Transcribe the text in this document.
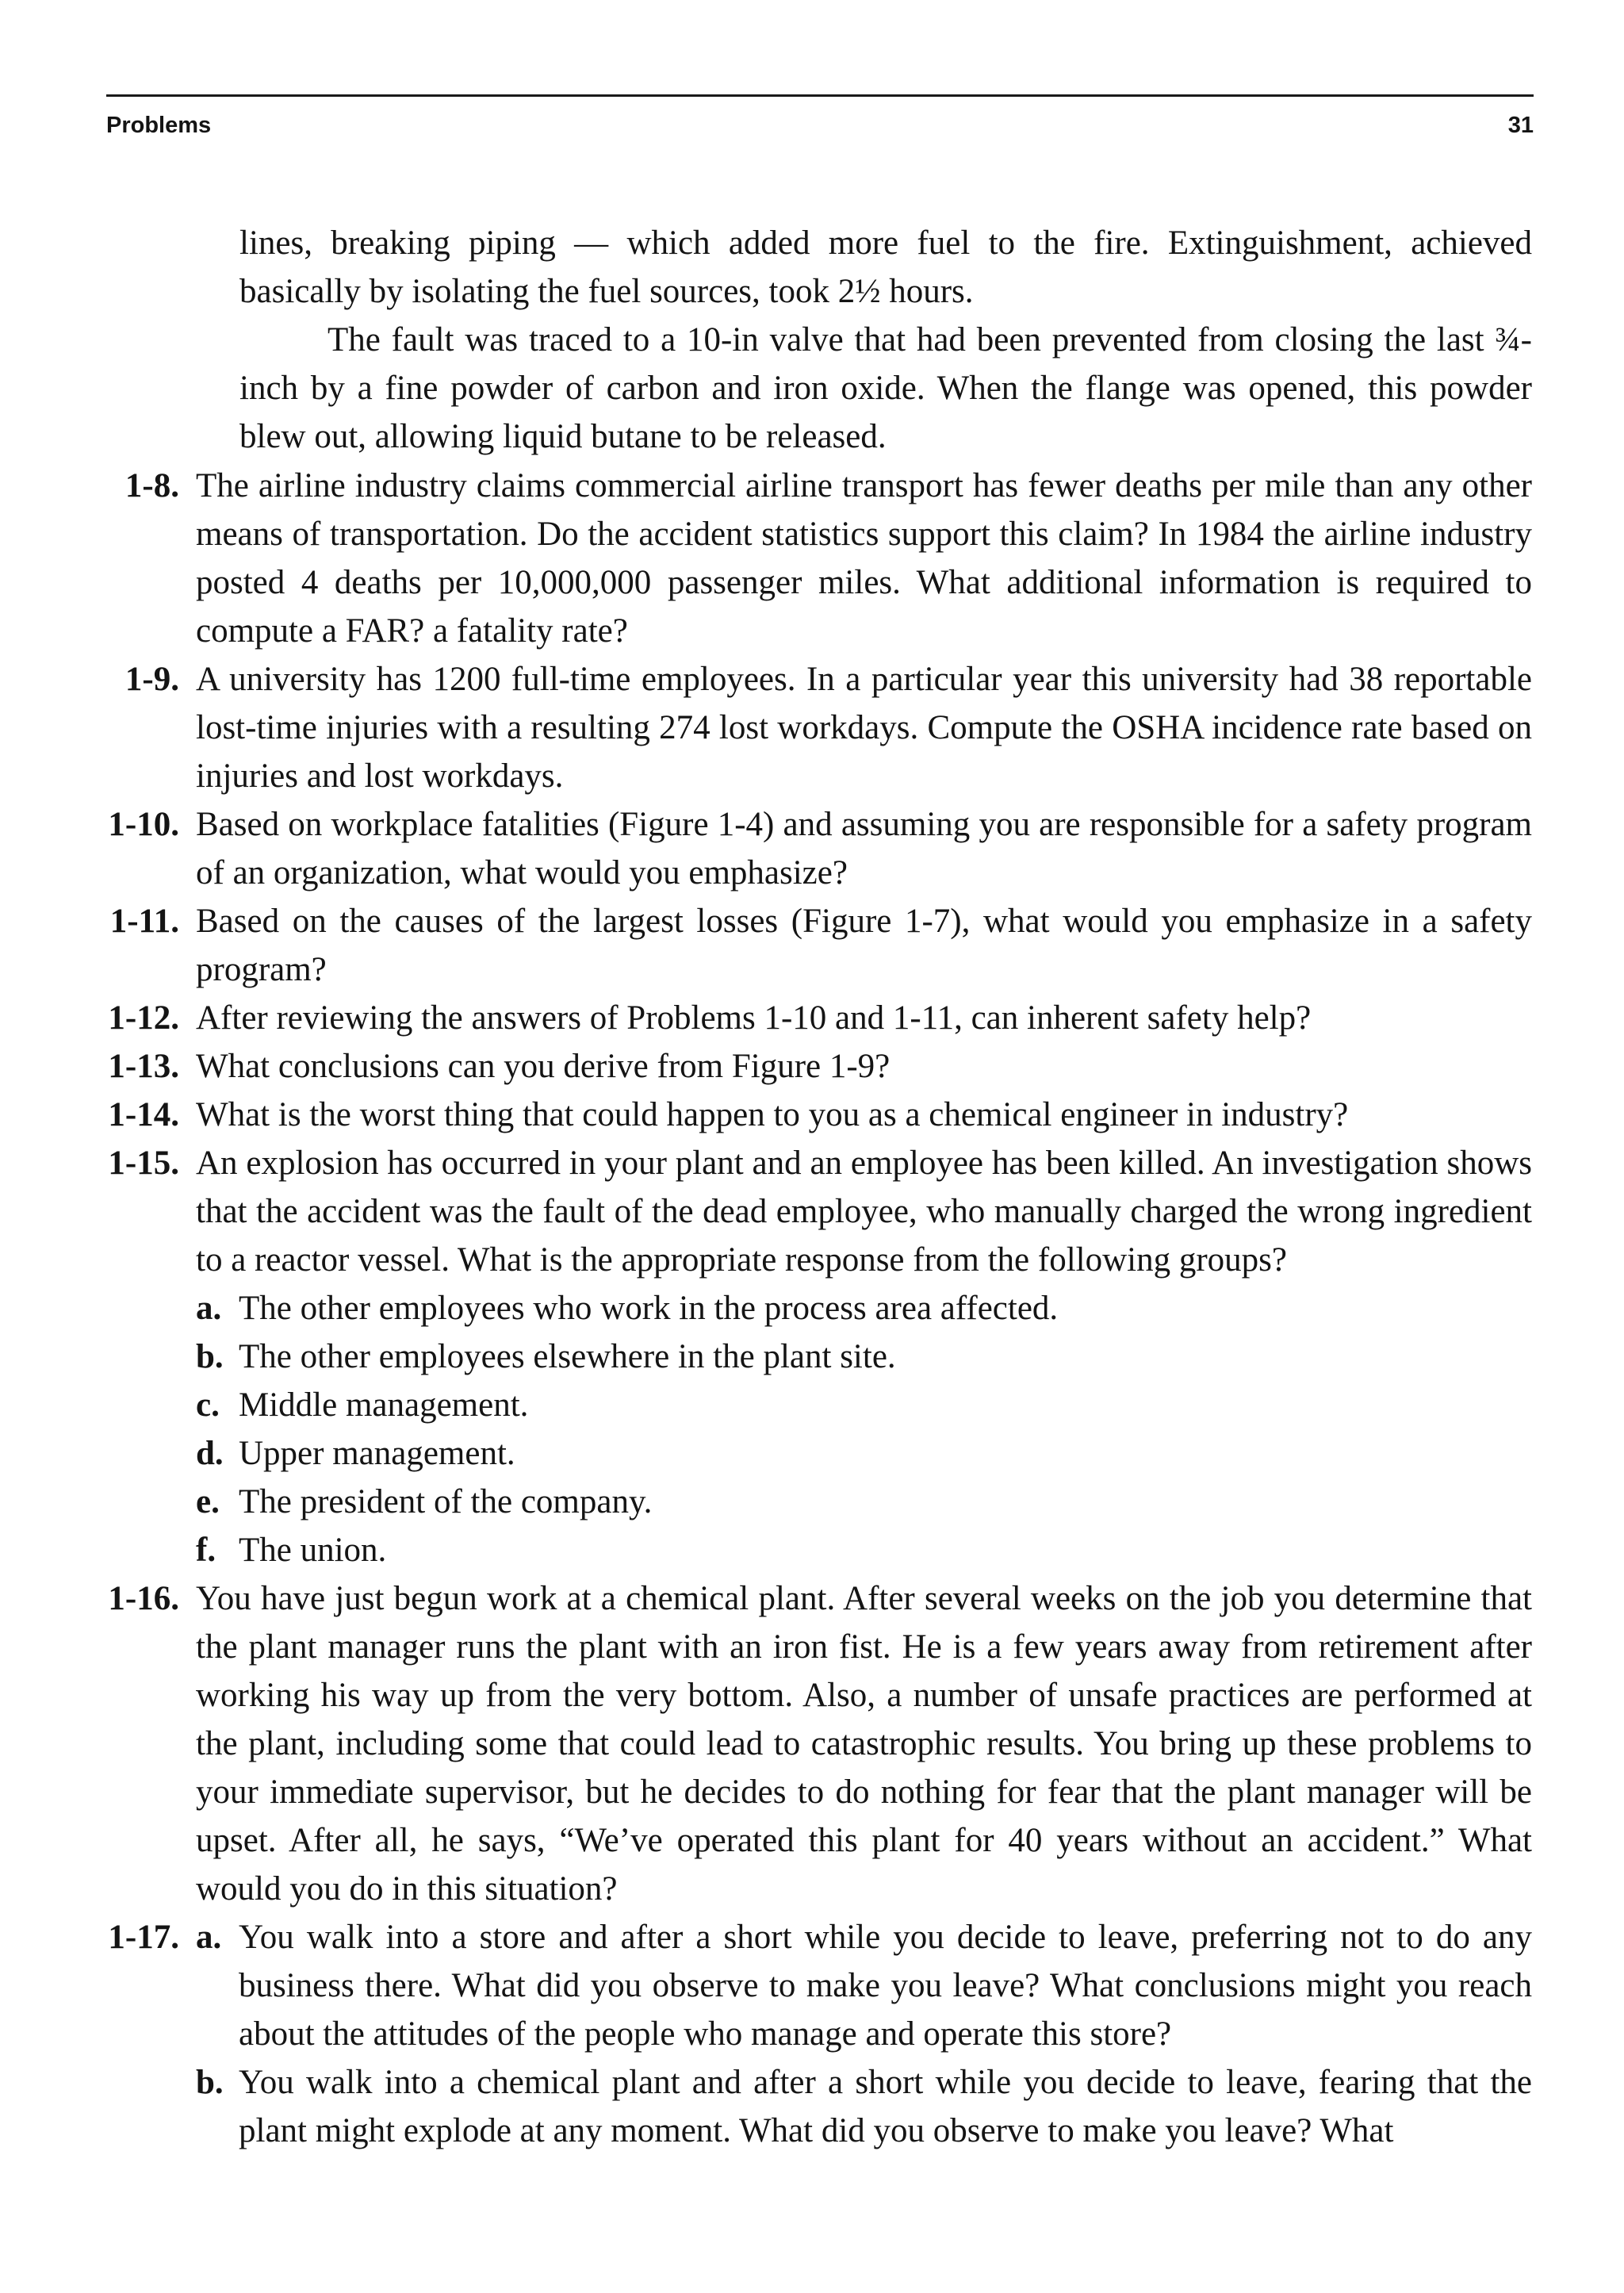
Problems	31

lines, breaking piping — which added more fuel to the fire. Extinguishment, achieved basically by isolating the fuel sources, took 2½ hours.

The fault was traced to a 10-in valve that had been prevented from closing the last ¾-inch by a fine powder of carbon and iron oxide. When the flange was opened, this powder blew out, allowing liquid butane to be released.

1-8. The airline industry claims commercial airline transport has fewer deaths per mile than any other means of transportation. Do the accident statistics support this claim? In 1984 the airline industry posted 4 deaths per 10,000,000 passenger miles. What additional information is required to compute a FAR? a fatality rate?
1-9. A university has 1200 full-time employees. In a particular year this university had 38 reportable lost-time injuries with a resulting 274 lost workdays. Compute the OSHA incidence rate based on injuries and lost workdays.
1-10. Based on workplace fatalities (Figure 1-4) and assuming you are responsible for a safety program of an organization, what would you emphasize?
1-11. Based on the causes of the largest losses (Figure 1-7), what would you emphasize in a safety program?
1-12. After reviewing the answers of Problems 1-10 and 1-11, can inherent safety help?
1-13. What conclusions can you derive from Figure 1-9?
1-14. What is the worst thing that could happen to you as a chemical engineer in industry?
1-15. An explosion has occurred in your plant and an employee has been killed. An investigation shows that the accident was the fault of the dead employee, who manually charged the wrong ingredient to a reactor vessel. What is the appropriate response from the following groups?
a. The other employees who work in the process area affected.
b. The other employees elsewhere in the plant site.
c. Middle management.
d. Upper management.
e. The president of the company.
f. The union.
1-16. You have just begun work at a chemical plant. After several weeks on the job you determine that the plant manager runs the plant with an iron fist. He is a few years away from retirement after working his way up from the very bottom. Also, a number of unsafe practices are performed at the plant, including some that could lead to catastrophic results. You bring up these problems to your immediate supervisor, but he decides to do nothing for fear that the plant manager will be upset. After all, he says, “We’ve operated this plant for 40 years without an accident.” What would you do in this situation?
1-17. a. You walk into a store and after a short while you decide to leave, preferring not to do any business there. What did you observe to make you leave? What conclusions might you reach about the attitudes of the people who manage and operate this store?
b. You walk into a chemical plant and after a short while you decide to leave, fearing that the plant might explode at any moment. What did you observe to make you leave? What
